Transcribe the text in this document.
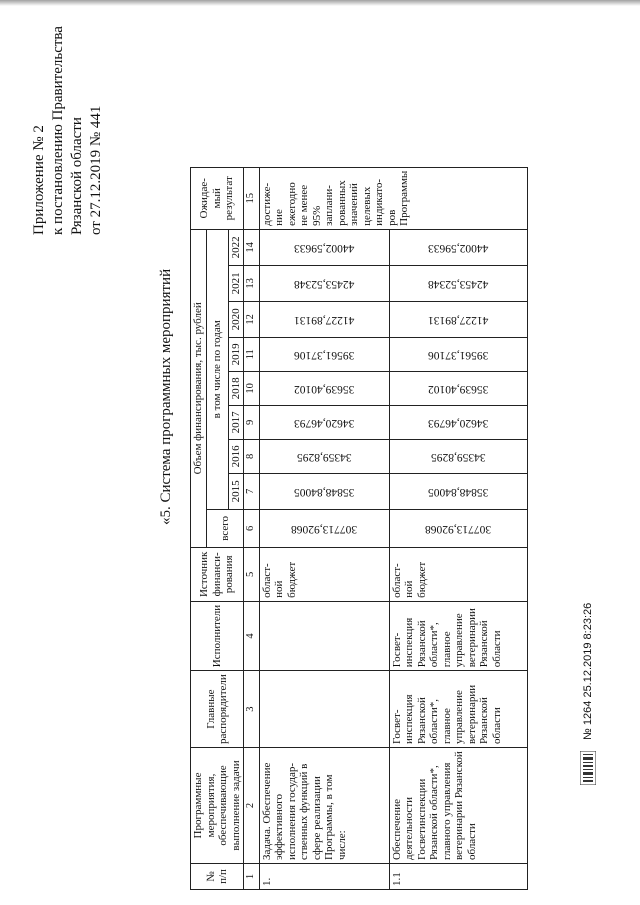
Приложение № 2 к постановлению Правительства Рязанской области от 27.12.2019 № 441
«5. Система программных мероприятий
№ п/п	Программные мероприятия, обеспечивающие выполнение задачи	Главные распорядители	Исполнители	Источник финанси-рования	Объем финансирования, тыс. рублей									Ожидае-мый результат
					всего	в том числе по годам								
						2015	2016	2017	2018	2019	2020	2021	2022	
1	2	3	4	5	6	7	8	9	10	11	12	13	14	15
1.	Задача. Обеспечение эффективного исполнения государ-ственных функций в сфере реализации Программы, в том числе:			област-ной бюджет	307713,92068	35848,84005	34359,8295	34620,46793	35639,40102	39561,37106	41227,89131	42453,52348	44002,59633	достиже-ние ежегодно не менее 95% заплани-рованных значений целевых индикато-ров Программы
1.1	Обеспечение деятельности Госветинспекции Рязанской области*, главного управления ветеринарии Рязанской области	Госвет-инспекция Рязанской области*, главное управление ветеринарии Рязанской области	Госвет-инспекция Рязанской области*, главное управление ветеринарии Рязанской области	област-ной бюджет	307713,92068	35848,84005	34359,8295	34620,46793	35639,40102	39561,37106	41227,89131	42453,52348	44002,59633	
№ 1264 25.12.2019 8:23:26
